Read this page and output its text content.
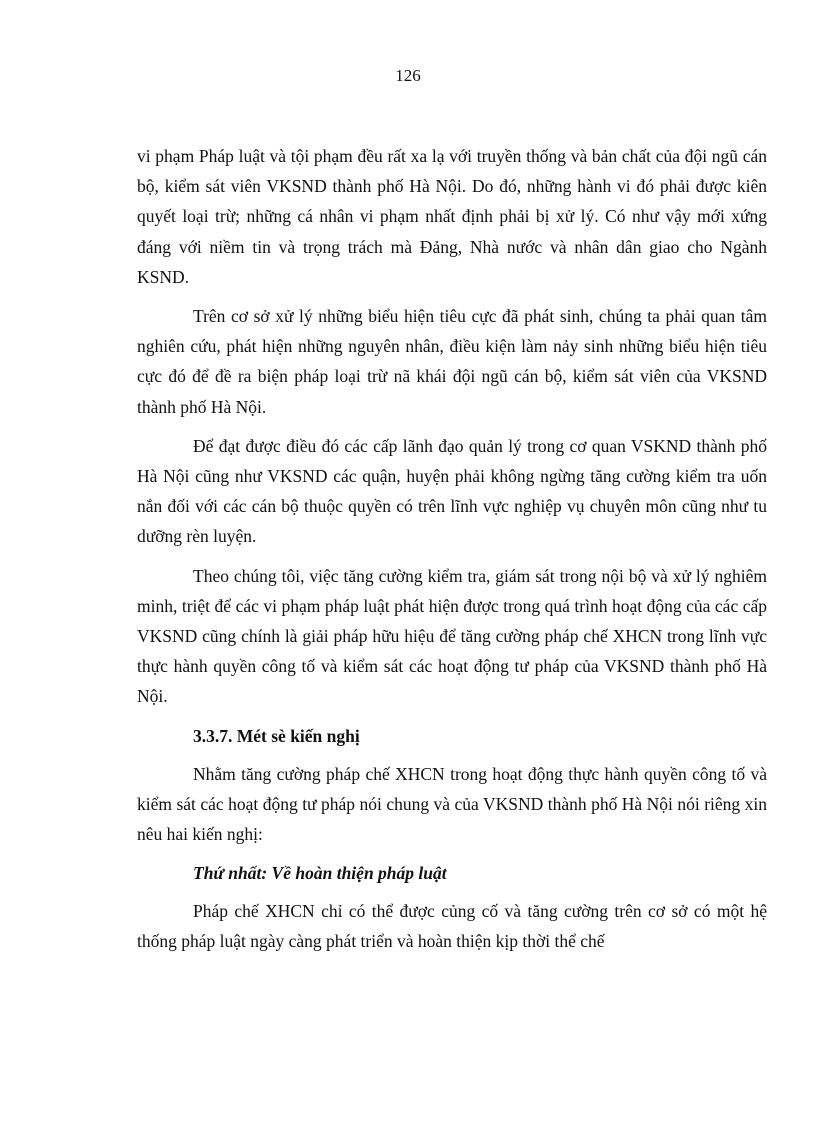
126

vi phạm Pháp luật và tội phạm đều rất xa lạ với truyền thống và bản chất của đội ngũ cán bộ, kiểm sát viên VKSND thành phố Hà Nội. Do đó, những hành vi đó phải được kiên quyết loại trừ; những cá nhân vi phạm nhất định phải bị xử lý. Có như vậy mới xứng đáng với niềm tin và trọng trách mà Đảng, Nhà nước và nhân dân giao cho Ngành KSND.

Trên cơ sở xử lý những biểu hiện tiêu cực đã phát sinh, chúng ta phải quan tâm nghiên cứu, phát hiện những nguyên nhân, điều kiện làm nảy sinh những biểu hiện tiêu cực đó để đề ra biện pháp loại trừ nã khái đội ngũ cán bộ, kiểm sát viên của VKSND thành phố Hà Nội.

Để đạt được điều đó các cấp lãnh đạo quản lý trong cơ quan VSKND thành phố Hà Nội cũng như VKSND các quận, huyện phải không ngừng tăng cường kiểm tra uốn nắn đối với các cán bộ thuộc quyền có trên lĩnh vực nghiệp vụ chuyên môn cũng như tu dưỡng rèn luyện.

Theo chúng tôi, việc tăng cường kiểm tra, giám sát trong nội bộ và xử lý nghiêm minh, triệt để các vi phạm pháp luật phát hiện được trong quá trình hoạt động của các cấp VKSND cũng chính là giải pháp hữu hiệu để tăng cường pháp chế XHCN trong lĩnh vực thực hành quyền công tố và kiểm sát các hoạt động tư pháp của VKSND thành phố Hà Nội.

3.3.7. Mét sè kiến nghị

Nhằm tăng cường pháp chế XHCN trong hoạt động thực hành quyền công tố và kiểm sát các hoạt động tư pháp nói chung và của VKSND thành phố Hà Nội nói riêng xin nêu hai kiến nghị:

Thứ nhất: Về hoàn thiện pháp luật

Pháp chế XHCN chỉ có thể được củng cố và tăng cường trên cơ sở có một hệ thống pháp luật ngày càng phát triển và hoàn thiện kịp thời thể chế
